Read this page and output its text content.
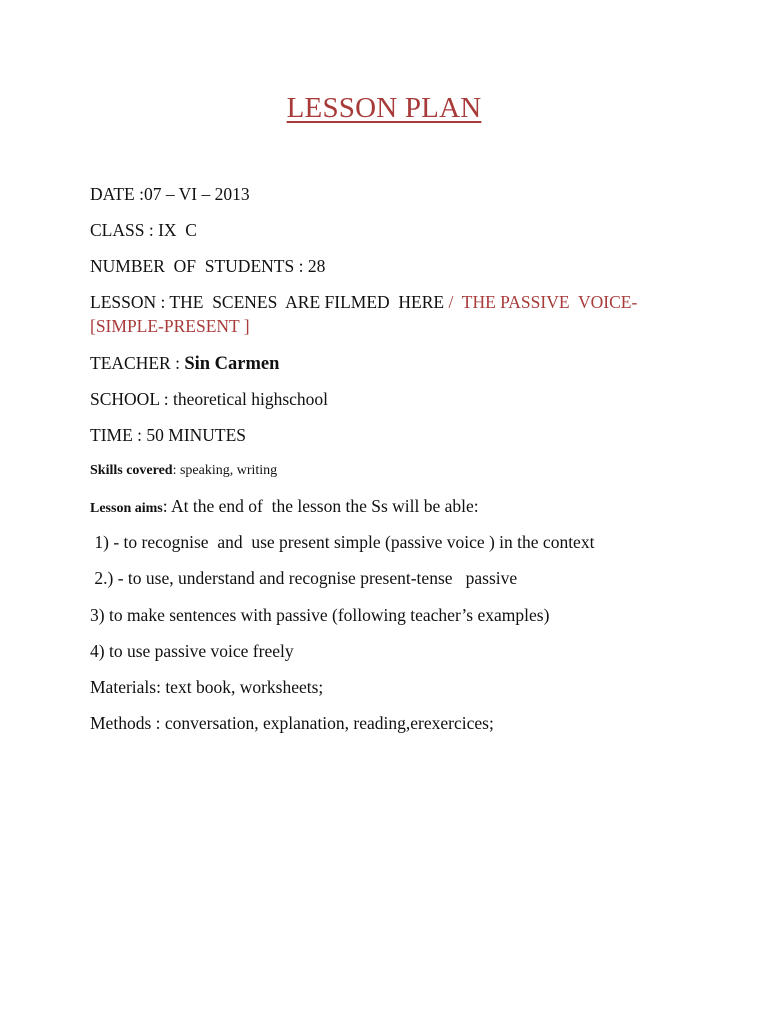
LESSON PLAN
DATE :07 – VI – 2013
CLASS : IX  C
NUMBER  OF  STUDENTS : 28
LESSON : THE  SCENES  ARE FILMED  HERE /  THE PASSIVE  VOICE-
[SIMPLE-PRESENT ]
TEACHER : Sin Carmen
SCHOOL : theoretical highschool
TIME : 50 MINUTES
Skills covered: speaking, writing
Lesson aims: At the end of  the lesson the Ss will be able:
1) - to recognise  and  use present simple (passive voice ) in the context
2.) - to use, understand and recognise present-tense   passive
3) to make sentences with passive (following teacher’s examples)
4) to use passive voice freely
Materials: text book, worksheets;
Methods : conversation, explanation, reading,erexercices;
